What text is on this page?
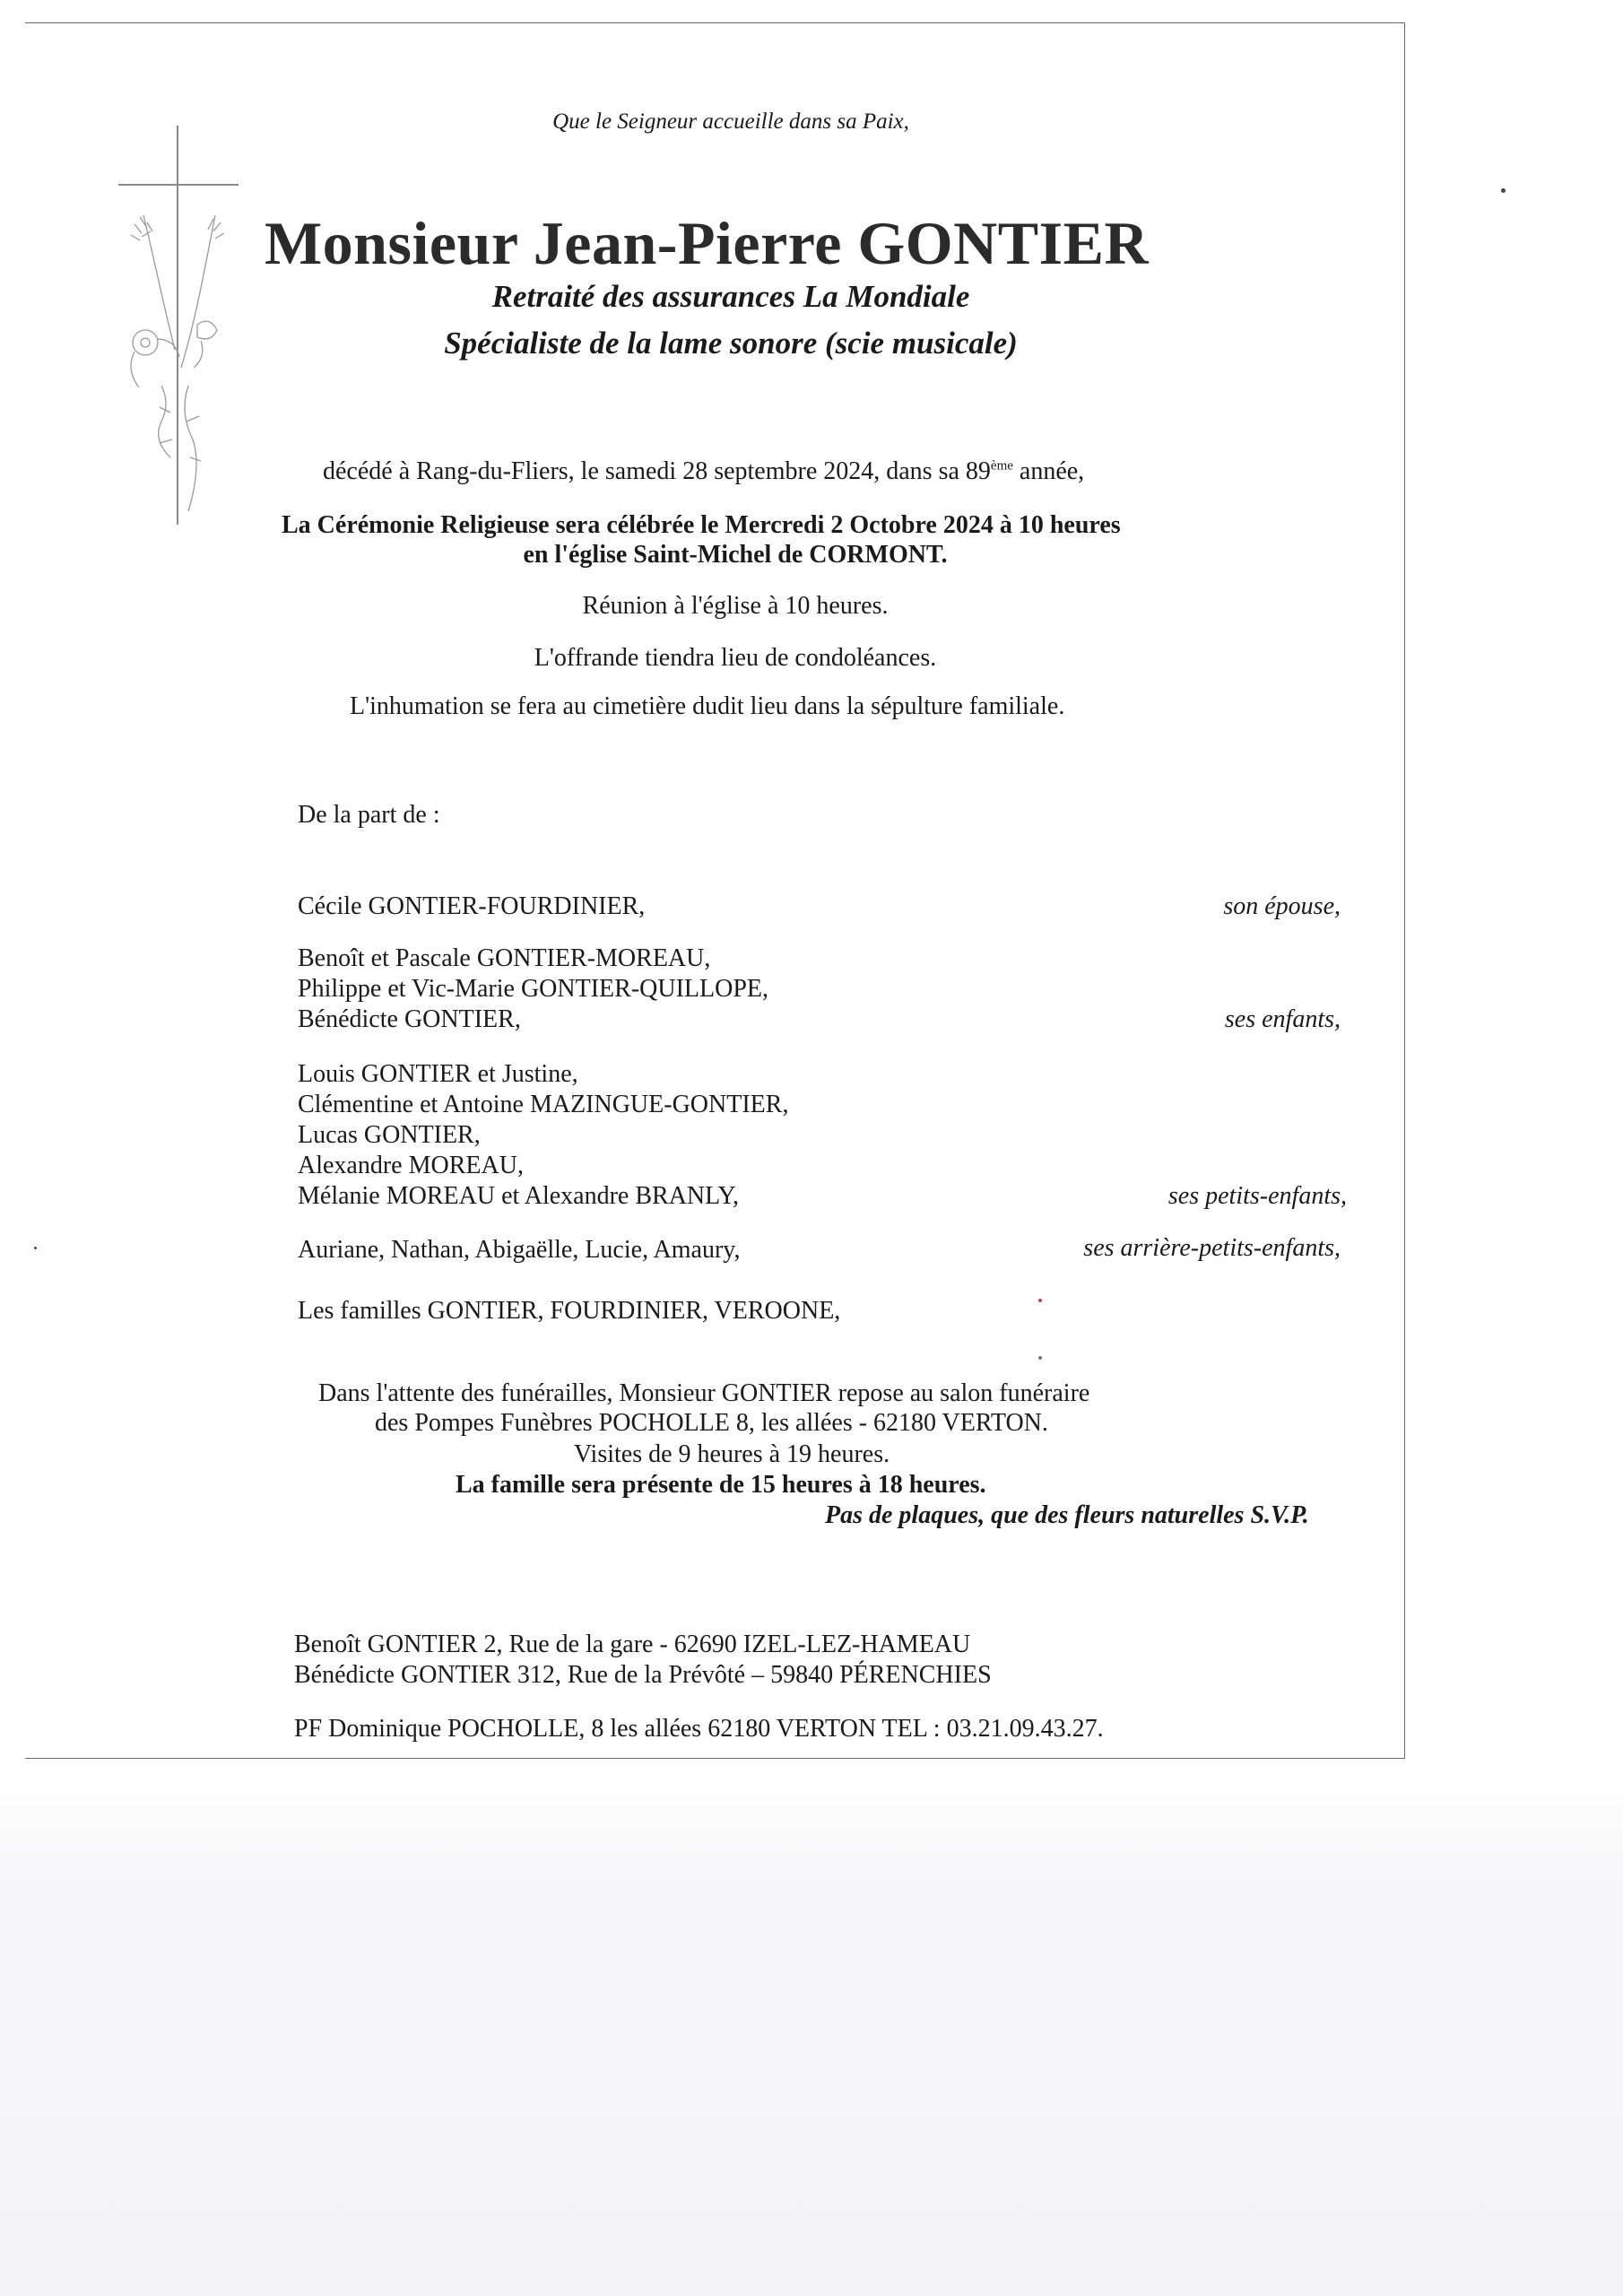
Que le Seigneur accueille dans sa Paix,
Monsieur Jean-Pierre GONTIER
Retraité des assurances La Mondiale
Spécialiste de la lame sonore (scie musicale)
décédé à Rang-du-Fliers, le samedi 28 septembre 2024, dans sa 89ème année,
La Cérémonie Religieuse sera célébrée le Mercredi 2 Octobre 2024 à 10 heures
en l'église Saint-Michel de CORMONT.
Réunion à l'église à 10 heures.
L'offrande tiendra lieu de condoléances.
L'inhumation se fera au cimetière dudit lieu dans la sépulture familiale.
De la part de :
Cécile GONTIER-FOURDINIER,	son épouse,
Benoît et Pascale GONTIER-MOREAU,
Philippe et Vic-Marie GONTIER-QUILLOPE,
Bénédicte GONTIER,	ses enfants,
Louis GONTIER et Justine,
Clémentine et Antoine MAZINGUE-GONTIER,
Lucas GONTIER,
Alexandre MOREAU,
Mélanie MOREAU et Alexandre BRANLY,	ses petits-enfants,
Auriane, Nathan, Abigaëlle, Lucie, Amaury,	ses arrière-petits-enfants,
Les familles GONTIER, FOURDINIER, VEROONE,
Dans l'attente des funérailles, Monsieur GONTIER repose au salon funéraire
des Pompes Funèbres POCHOLLE 8, les allées - 62180 VERTON.
Visites de 9 heures à 19 heures.
La famille sera présente de 15 heures à 18 heures.
Pas de plaques, que des fleurs naturelles S.V.P.
Benoît GONTIER 2, Rue de la gare - 62690 IZEL-LEZ-HAMEAU
Bénédicte GONTIER 312, Rue de la Prévôté – 59840 PÉRENCHIES
PF Dominique POCHOLLE, 8 les allées 62180 VERTON TEL : 03.21.09.43.27.
